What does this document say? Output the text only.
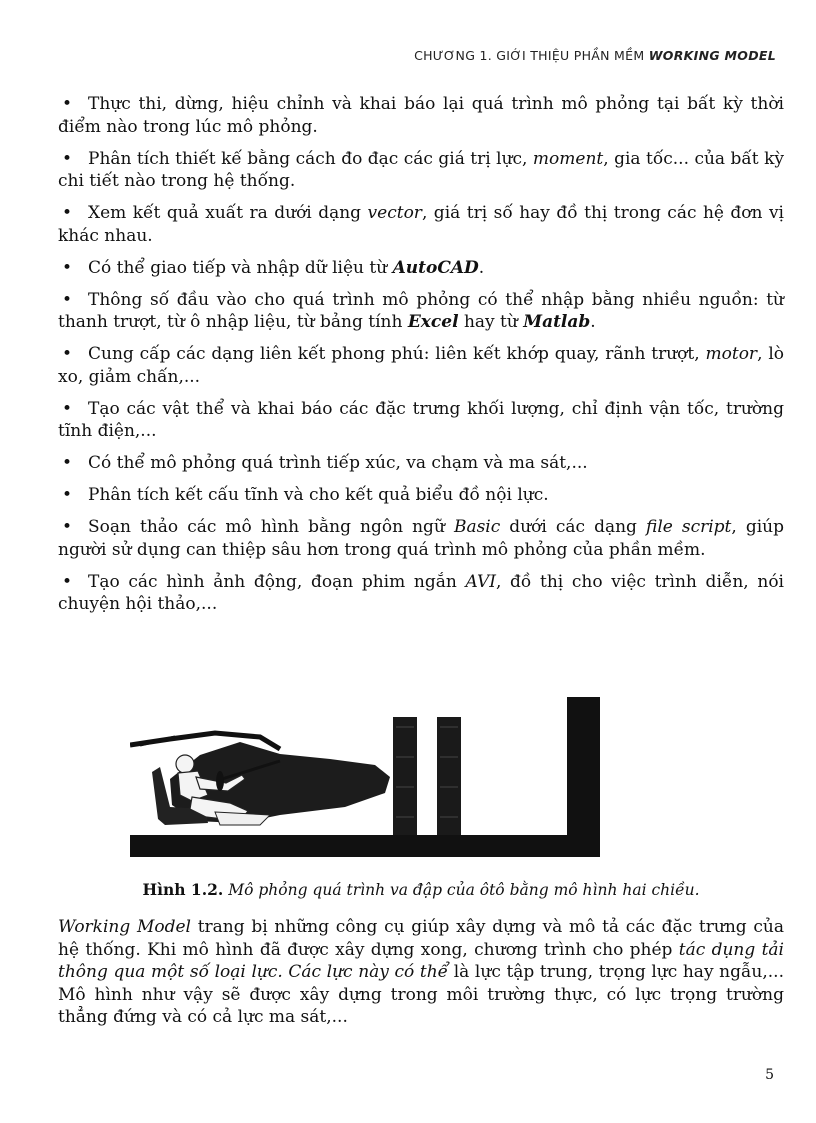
CHƯƠNG 1. GIỚI THIỆU PHẦN MỀM WORKING MODEL
• Thực thi, dừng, hiệu chỉnh và khai báo lại quá trình mô phỏng tại bất kỳ thời điểm nào trong lúc mô phỏng.
• Phân tích thiết kế bằng cách đo đạc các giá trị lực, moment, gia tốc... của bất kỳ chi tiết nào trong hệ thống.
• Xem kết quả xuất ra dưới dạng vector, giá trị số hay đồ thị trong các hệ đơn vị khác nhau.
• Có thể giao tiếp và nhập dữ liệu từ AutoCAD.
• Thông số đầu vào cho quá trình mô phỏng có thể nhập bằng nhiều nguồn: từ thanh trượt, từ ô nhập liệu, từ bảng tính Excel hay từ Matlab.
• Cung cấp các dạng liên kết phong phú: liên kết khớp quay, rãnh trượt, motor, lò xo, giảm chấn,...
• Tạo các vật thể và khai báo các đặc trưng khối lượng, chỉ định vận tốc, trường tĩnh điện,...
• Có thể mô phỏng quá trình tiếp xúc, va chạm và ma sát,...
• Phân tích kết cấu tĩnh và cho kết quả biểu đồ nội lực.
• Soạn thảo các mô hình bằng ngôn ngữ Basic dưới các dạng file script, giúp người sử dụng can thiệp sâu hơn trong quá trình mô phỏng của phần mềm.
• Tạo các hình ảnh động, đoạn phim ngắn AVI, đồ thị cho việc trình diễn, nói chuyện hội thảo,...
Hình 1.2. Mô phỏng quá trình va đập của ôtô bằng mô hình hai chiều.

Working Model trang bị những công cụ giúp xây dựng và mô tả các đặc trưng của hệ thống. Khi mô hình đã được xây dựng xong, chương trình cho phép tác dụng tải thông qua một số loại lực. Các lực này có thể là lực tập trung, trọng lực hay ngẫu,... Mô hình như vậy sẽ được xây dựng trong môi trường thực, có lực trọng trường thẳng đứng và có cả lực ma sát,...

5
